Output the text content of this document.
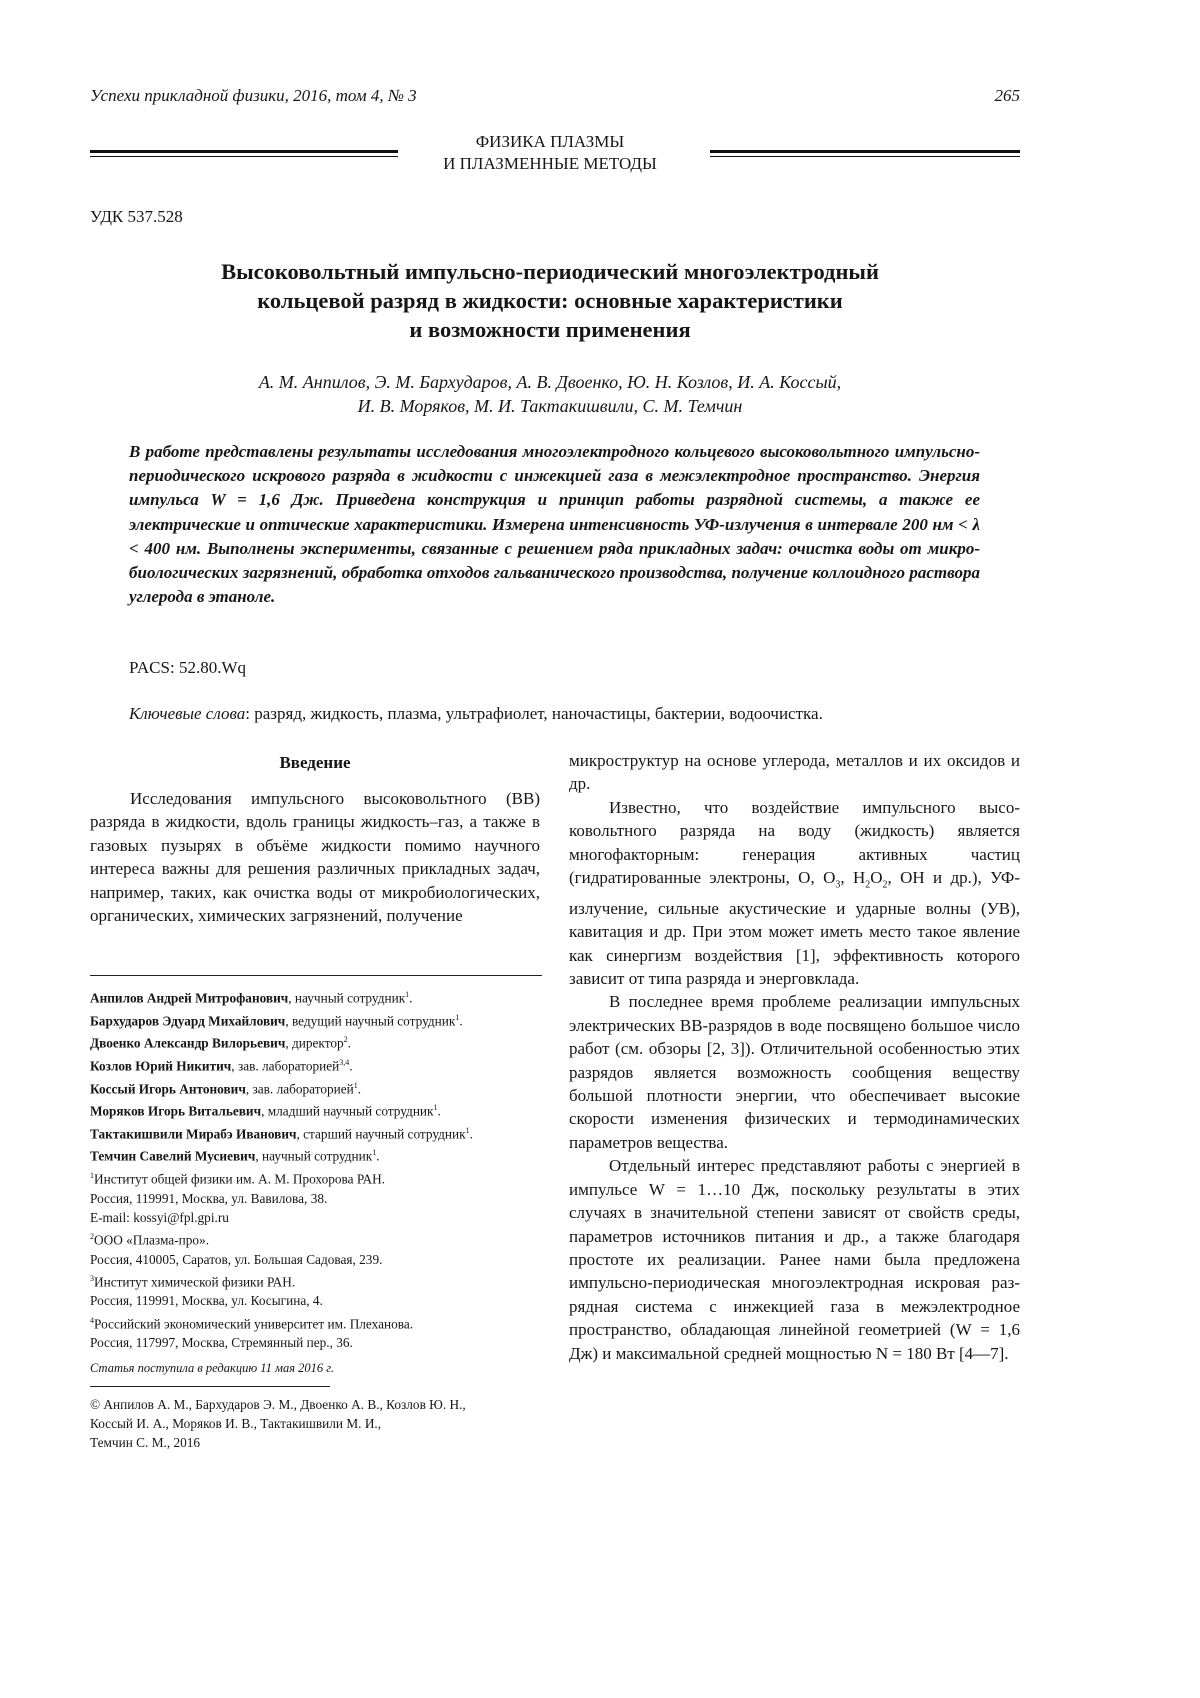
Успехи прикладной физики, 2016, том 4, № 3	265
ФИЗИКА ПЛАЗМЫ
И ПЛАЗМЕННЫЕ МЕТОДЫ
УДК 537.528
Высоковольтный импульсно-периодический многоэлектродный
кольцевой разряд в жидкости: основные характеристики
и возможности применения
А. М. Анпилов, Э. М. Бархударов, А. В. Двоенко, Ю. Н. Козлов, И. А. Коссый,
И. В. Моряков, М. И. Тактакишвили, С. М. Темчин
В работе представлены результаты исследования многоэлектродного кольцевого высоковольтного импульсно-периодического искрового разряда в жидкости с инжекцией газа в межэлектродное пространство. Энергия импульса W = 1,6 Дж. Приведена конструкция и принцип работы разрядной системы, а также ее электрические и оптические характеристики. Измерена интенсивность УФ-излучения в интервале 200 нм < λ < 400 нм. Выполнены эксперименты, связанные с решением ряда прикладных задач: очистка воды от микробиологических загрязнений, обработка отходов гальванического производства, получение коллоидного раствора углерода в этаноле.
PACS: 52.80.Wq
Ключевые слова: разряд, жидкость, плазма, ультрафиолет, наночастицы, бактерии, водоочистка.
Введение

Исследования импульсного высоковольтного (ВВ) разряда в жидкости, вдоль границы жидкость–газ, а также в газовых пузырях в объёме жидкости помимо научного интереса важны для решения различных прикладных задач, например, таких, как очистка воды от микробиологических, органических, химических загрязнений, получение

Анпилов Андрей Митрофанович, научный сотрудник$^1$.

Бархударов Эдуард Михайлович, ведущий научный сотрудник$^1$.

Двоенко Александр Вилорьевич, директор$^2$.

Козлов Юрий Никитич, зав. лабораторией$^{3,4}$.

Коссый Игорь Антонович, зав. лабораторией$^1$.

Моряков Игорь Витальевич, младший научный сотрудник$^1$.

Тактакишвили Мирабэ Иванович, старший научный сотрудник$^1$.

Темчин Савелий Мусиевич, научный сотрудник$^1$.

$^1$Институт общей физики им. А. М. Прохорова РАН.

Россия, 119991, Москва, ул. Вавилова, 38.

E-mail: kossyi@fpl.gpi.ru

$^2$ООО «Плазма-про».

Россия, 410005, Саратов, ул. Большая Садовая, 239.

$^3$Институт химической физики РАН.

Россия, 119991, Москва, ул. Косыгина, 4.

$^4$Российский экономический университет им. Плеханова.

Россия, 117997, Москва, Стремянный пер., 36.

Статья поступила в редакцию 11 мая 2016 г.

© Анпилов А. М., Бархударов Э. М., Двоенко А. В., Козлов Ю. Н.,

Коссый И. А., Моряков И. В., Тактакишвили М. И.,

Темчин С. М., 2016

микроструктур на основе углерода, металлов и их оксидов и др.

Известно, что воздействие импульсного высоковольтного разряда на воду (жидкость) является многофакторным: генерация активных частиц (гидратированные электроны, O, $O_3$, $H_2O_2$, OH и др.), УФ-излучение, сильные акустические и ударные волны (УВ), кавитация и др. При этом может иметь место такое явление как синергизм воздействия [1], эффективность которого зависит от типа разряда и энерговклада.

В последнее время проблеме реализации импульсных электрических ВВ-разрядов в воде посвящено большое число работ (см. обзоры [2, 3]). Отличительной особенностью этих разрядов является возможность сообщения веществу большой плотности энергии, что обеспечивает высокие скорости изменения физических и термодинамических параметров вещества.

Отдельный интерес представляют работы с энергией в импульсе W = 1…10 Дж, поскольку результаты в этих случаях в значительной степени зависят от свойств среды, параметров источников питания и др., а также благодаря простоте их реализации. Ранее нами была предложена импульсно-периодическая многоэлектродная искровая разрядная система с инжекцией газа в межэлектродное пространство, обладающая линейной геометрией (W = 1,6 Дж) и максимальной средней мощностью N = 180 Вт [4—7].
